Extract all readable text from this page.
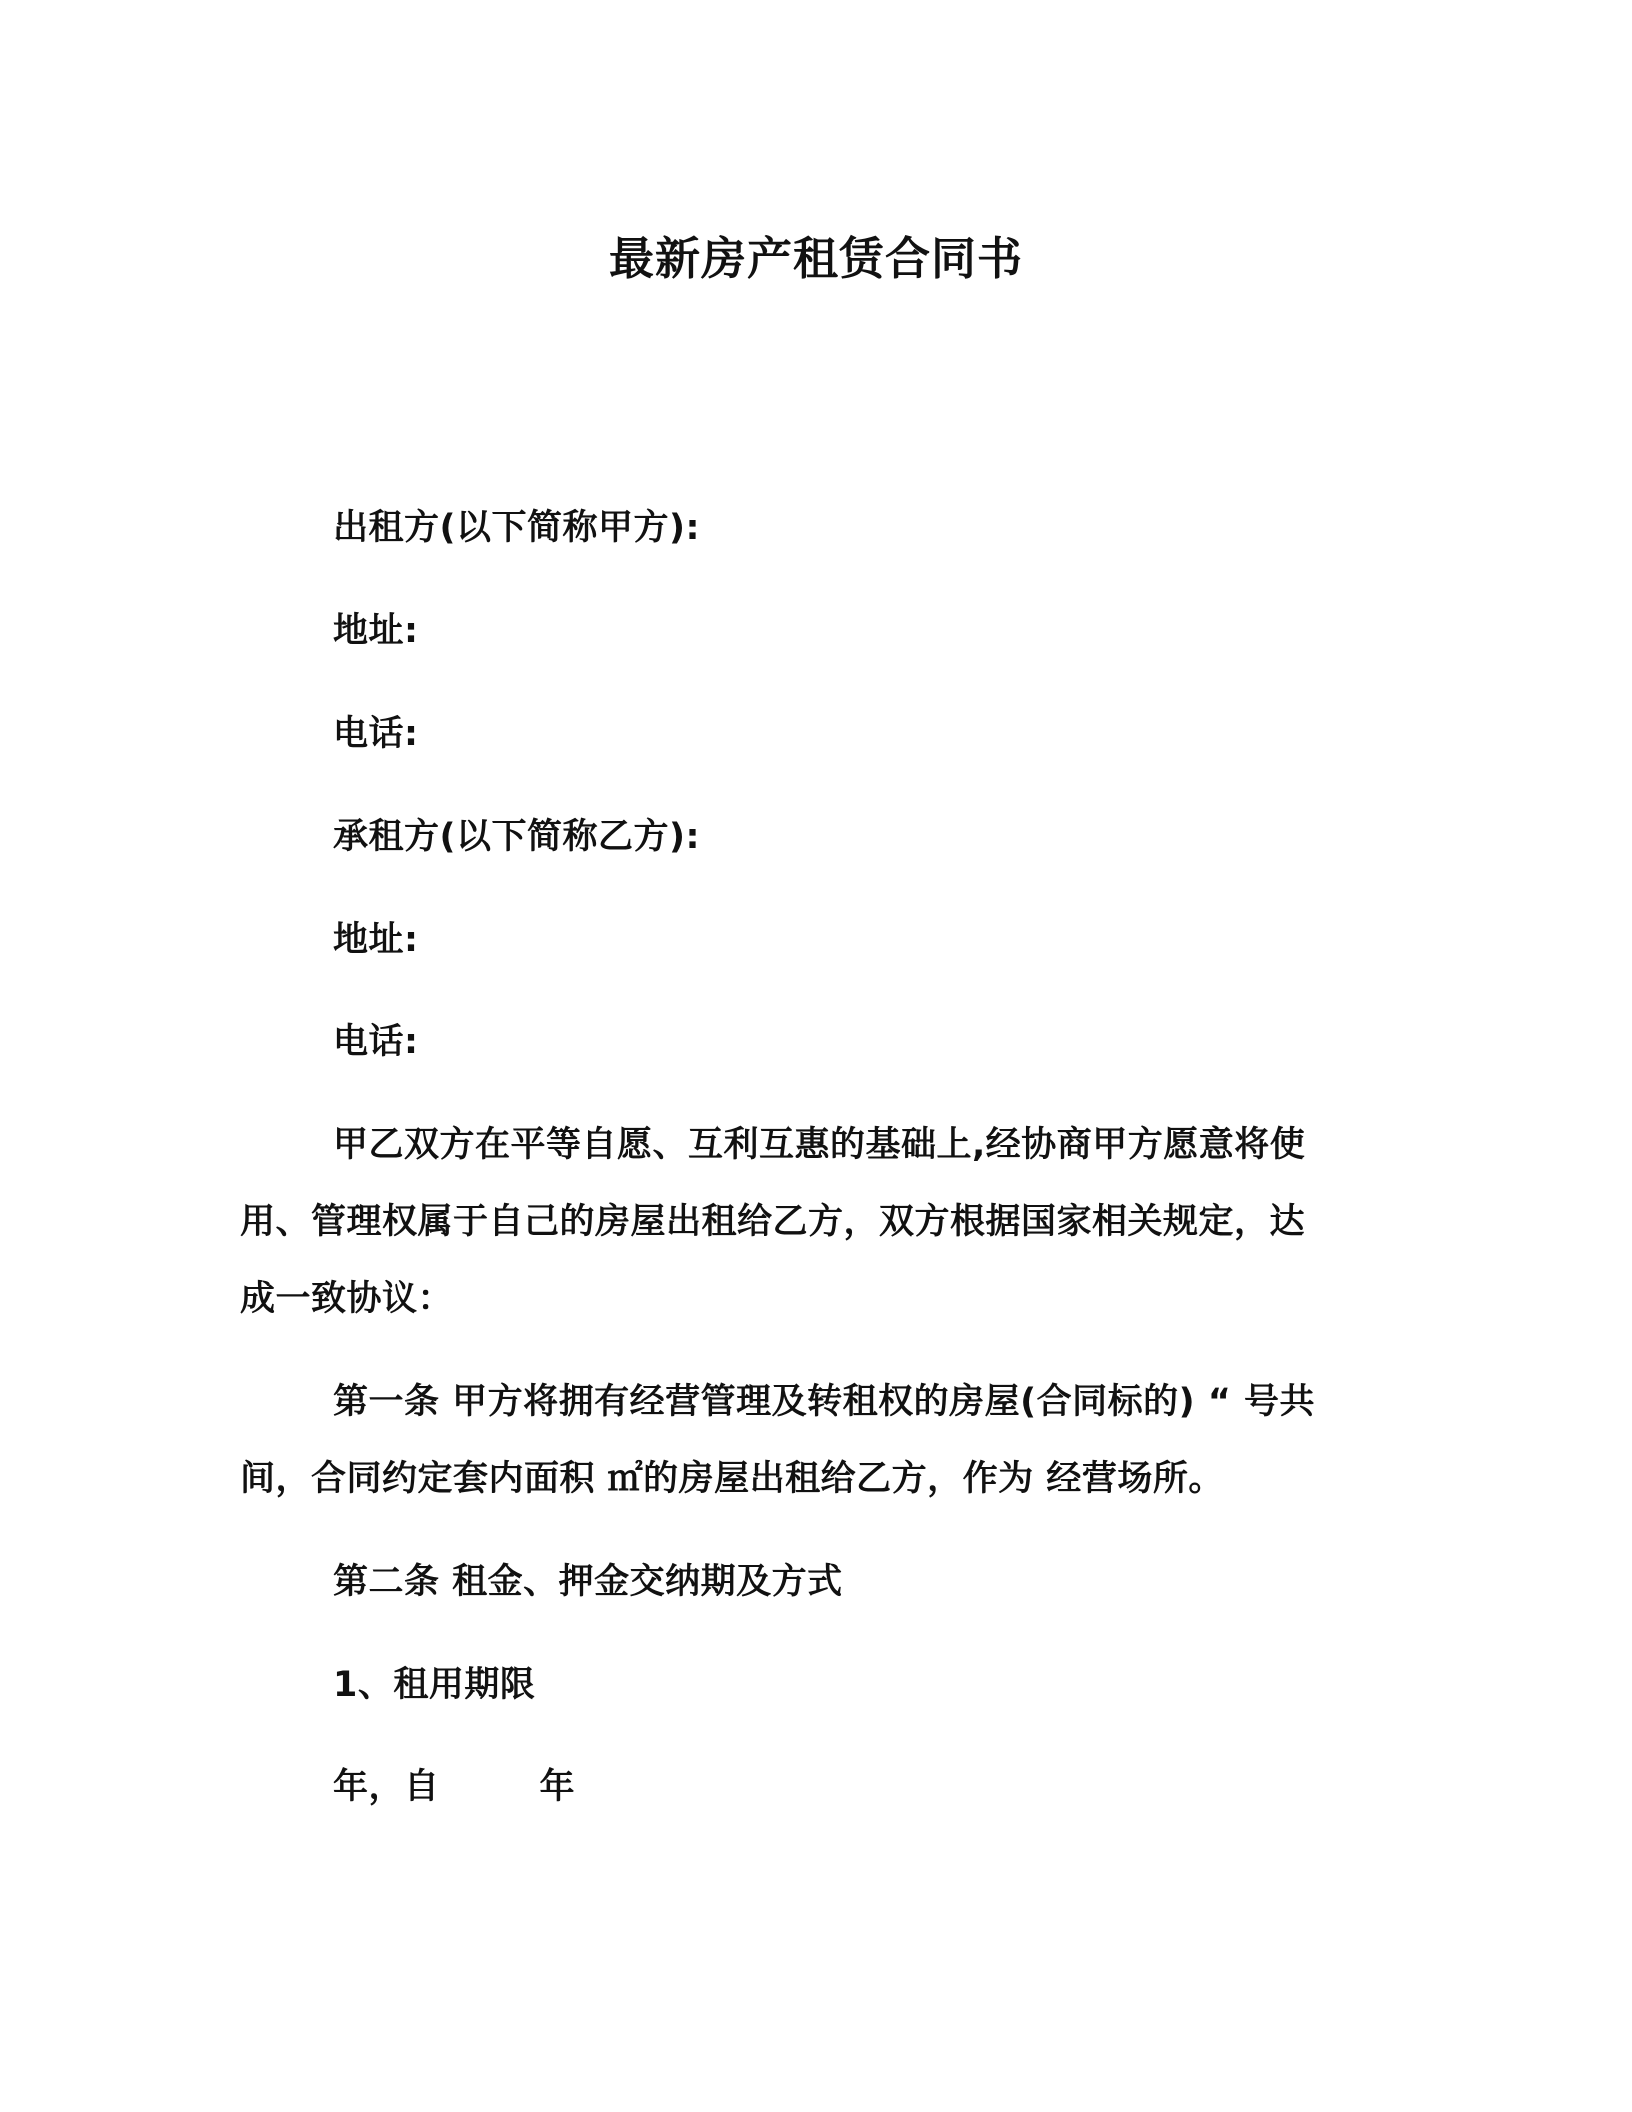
最新房产租赁合同书
出租方(以下简称甲方):
地址:
电话:
承租方(以下简称乙方):
地址:
电话:
甲乙双方在平等自愿、互利互惠的基础上,经协商甲方愿意将使
用、管理权属于自己的房屋出租给乙方，双方根据国家相关规定，达
成一致协议：
第一条 甲方将拥有经营管理及转租权的房屋(合同标的) “ 号共
间，合同约定套内面积 ㎡的房屋出租给乙方，作为 经营场所。
第二条 租金、押金交纳期及方式
1、租用期限
年，自	年
